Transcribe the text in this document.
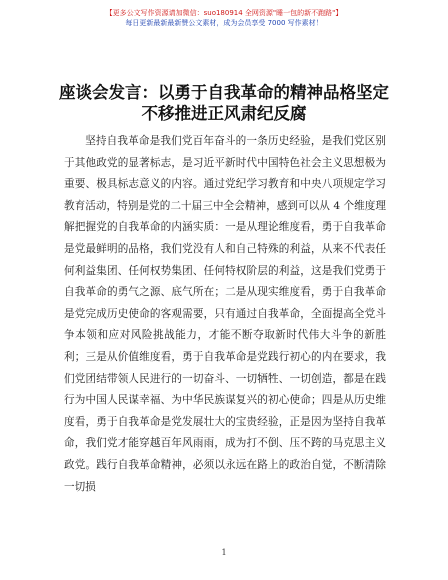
【更多公文写作资源请加微信：suo180914 全网资源"睡一包的新不跑路"】
每日更新最新最新赞公文素材，成为会员享受 7000 写作素材！
座谈会发言：以勇于自我革命的精神品格坚定
不移推进正风肃纪反腐

坚持自我革命是我们党百年奋斗的一条历史经验，是我们党区别于其他政党的显著标志，是习近平新时代中国特色社会主义思想极为重要、极具标志意义的内容。通过党纪学习教育和中央八项规定学习教育活动，特别是党的二十届三中全会精神，感到可以从 4 个维度理解把握党的自我革命的内涵实质：一是从理论维度看，勇于自我革命是党最鲜明的品格，我们党没有人和自己特殊的利益，从来不代表任何利益集团、任何权势集团、任何特权阶层的利益，这是我们党勇于自我革命的勇气之源、底气所在；二是从现实维度看，勇于自我革命是党完成历史使命的客观需要，只有通过自我革命，全面提高全党斗争本领和应对风险挑战能力，才能不断夺取新时代伟大斗争的新胜利；三是从价值维度看，勇于自我革命是党践行初心的内在要求，我们党团结带领人民进行的一切奋斗、一切牺牲、一切创造，都是在践行为中国人民谋幸福、为中华民族谋复兴的初心使命；四是从历史维度看，勇于自我革命是党发展壮大的宝贵经验，正是因为坚持自我革命，我们党才能穿越百年风雨雨，成为打不倒、压不跨的马克思主义政党。践行自我革命精神，必须以永远在路上的政治自觉，不断清除一切损

1
